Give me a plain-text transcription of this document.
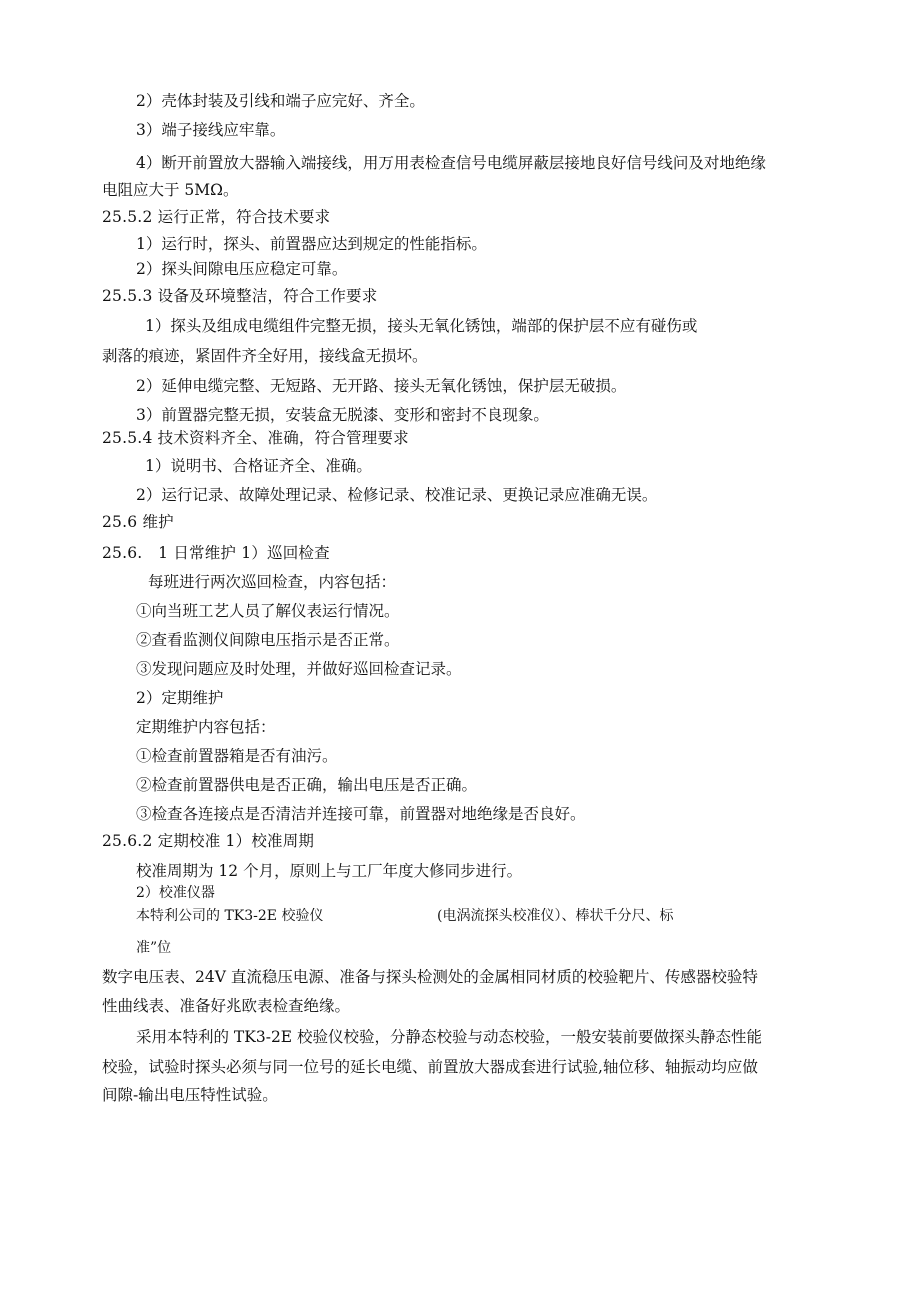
2）壳体封装及引线和端子应完好、齐全。
3）端子接线应牢靠。
4）断开前置放大器输入端接线，用万用表检查信号电缆屏蔽层接地良好信号线问及对地绝缘
电阻应大于 5MΩ。
25.5.2 运行正常，符合技术要求
1）运行时，探头、前置器应达到规定的性能指标。
2）探头间隙电压应稳定可靠。
25.5.3 设备及环境整洁，符合工作要求
1）探头及组成电缆组件完整无损，接头无氧化锈蚀，端部的保护层不应有碰伤或
剥落的痕迹，紧固件齐全好用，接线盒无损坏。
2）延伸电缆完整、无短路、无开路、接头无氧化锈蚀，保护层无破损。
3）前置器完整无损，安装盒无脱漆、变形和密封不良现象。
25.5.4 技术资料齐全、准确，符合管理要求
1）说明书、合格证齐全、准确。
2）运行记录、故障处理记录、检修记录、校准记录、更换记录应准确无误。
25.6 维护
25.6.　1 日常维护 1）巡回检查
每班进行两次巡回检查，内容包括：
①向当班工艺人员了解仪表运行情况。
②查看监测仪间隙电压指示是否正常。
③发现问题应及时处理，并做好巡回检查记录。
2）定期维护
定期维护内容包括：
①检查前置器箱是否有油污。
②检查前置器供电是否正确，输出电压是否正确。
③检查各连接点是否清洁并连接可靠，前置器对地绝缘是否良好。
25.6.2 定期校准 1）校准周期
校准周期为 12 个月，原则上与工厂年度大修同步进行。
2）校准仪器
本特利公司的 TK3-2E 校验仪	(电涡流探头校准仪）、棒状千分尺、标
准”位
数字电压表、24V 直流稳压电源、准备与探头检测处的金属相同材质的校验靶片、传感器校验特
性曲线表、准备好兆欧表检查绝缘。
采用本特利的 TK3-2E 校验仪校验，分静态校验与动态校验，一般安装前要做探头静态性能
校验，试验时探头必须与同一位号的延长电缆、前置放大器成套进行试验,轴位移、轴振动均应做
间隙-输出电压特性试验。
